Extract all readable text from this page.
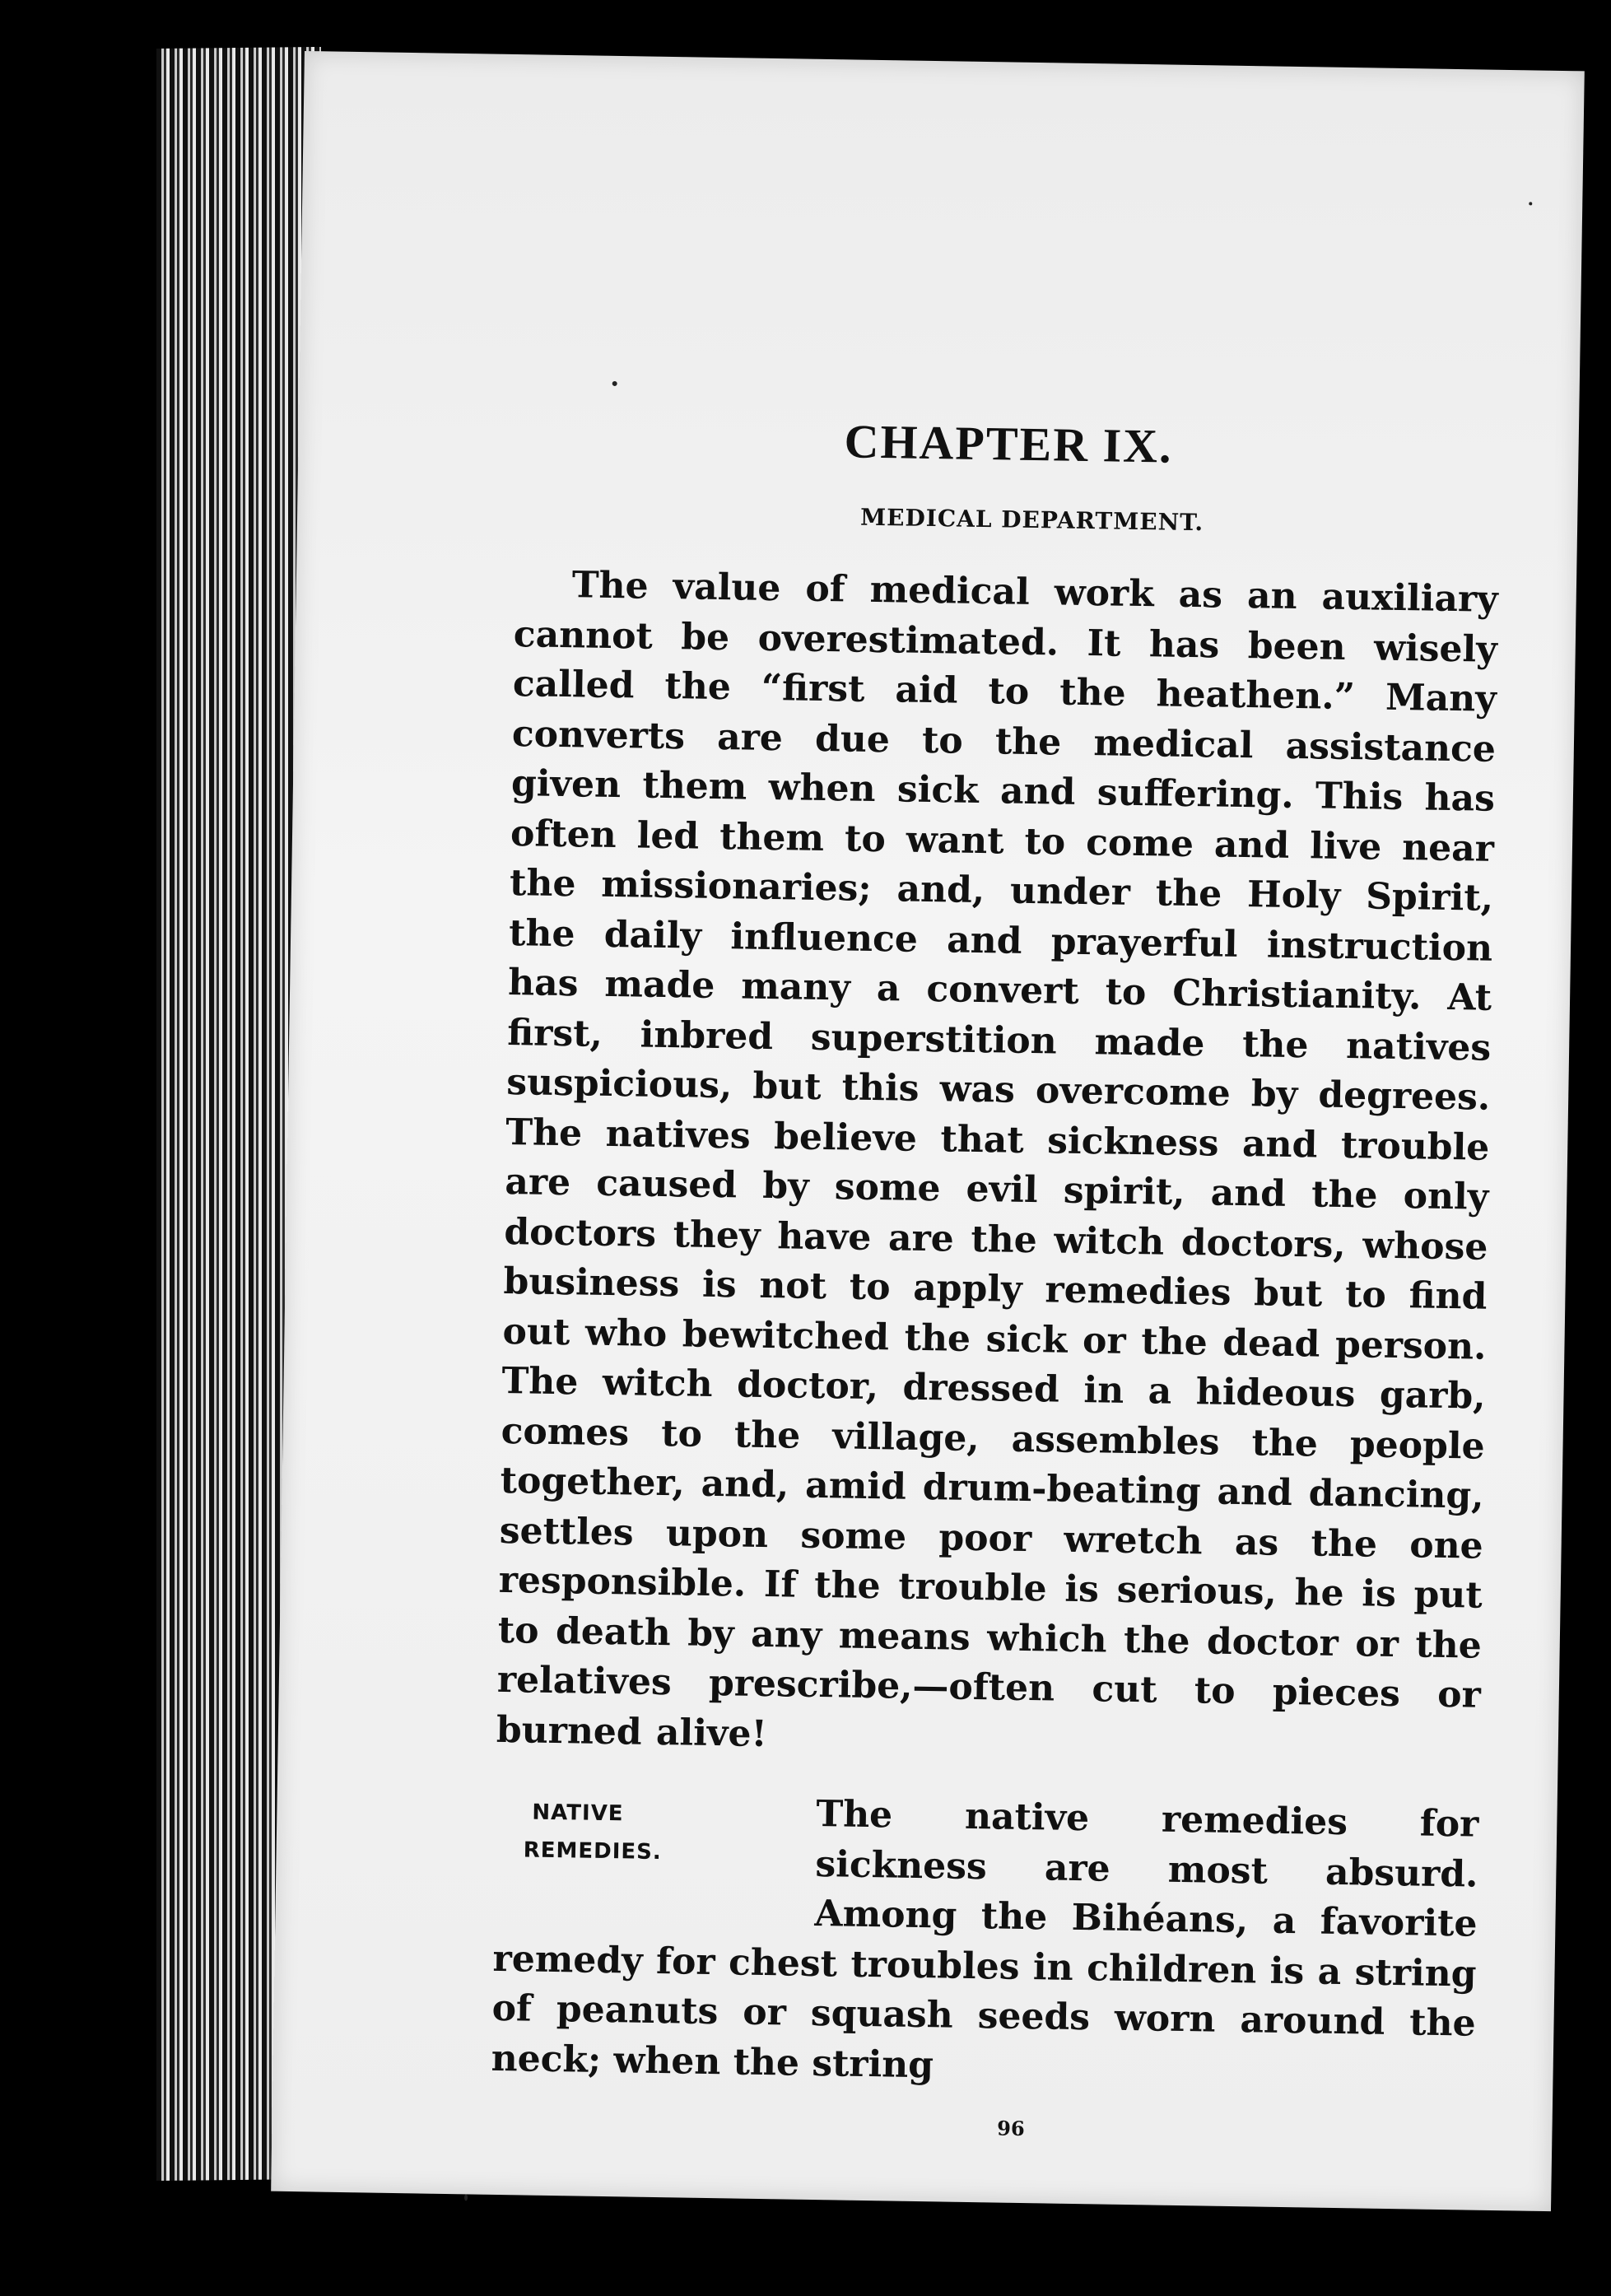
CHAPTER IX.
MEDICAL DEPARTMENT.

The value of medical work as an auxiliary cannot be overestimated. It has been wisely called the “first aid to the heathen.” Many converts are due to the medical assistance given them when sick and suffering. This has often led them to want to come and live near the missionaries; and, under the Holy Spirit, the daily influence and prayerful instruction has made many a convert to Christianity. At first, inbred superstition made the natives suspicious, but this was overcome by degrees. The natives believe that sickness and trouble are caused by some evil spirit, and the only doctors they have are the witch doctors, whose business is not to apply remedies but to find out who bewitched the sick or the dead person. The witch doctor, dressed in a hideous garb, comes to the village, assembles the people together, and, amid drum-beating and dancing, settles upon some poor wretch as the one responsible. If the trouble is serious, he is put to death by any means which the doctor or the relatives prescribe,—often cut to pieces or burned alive!

NATIVE
REMEDIES.
The native remedies for sickness are most absurd. Among the Bihéans, a favorite remedy for chest troubles in children is a string of peanuts or squash seeds worn around the neck; when the string
96
